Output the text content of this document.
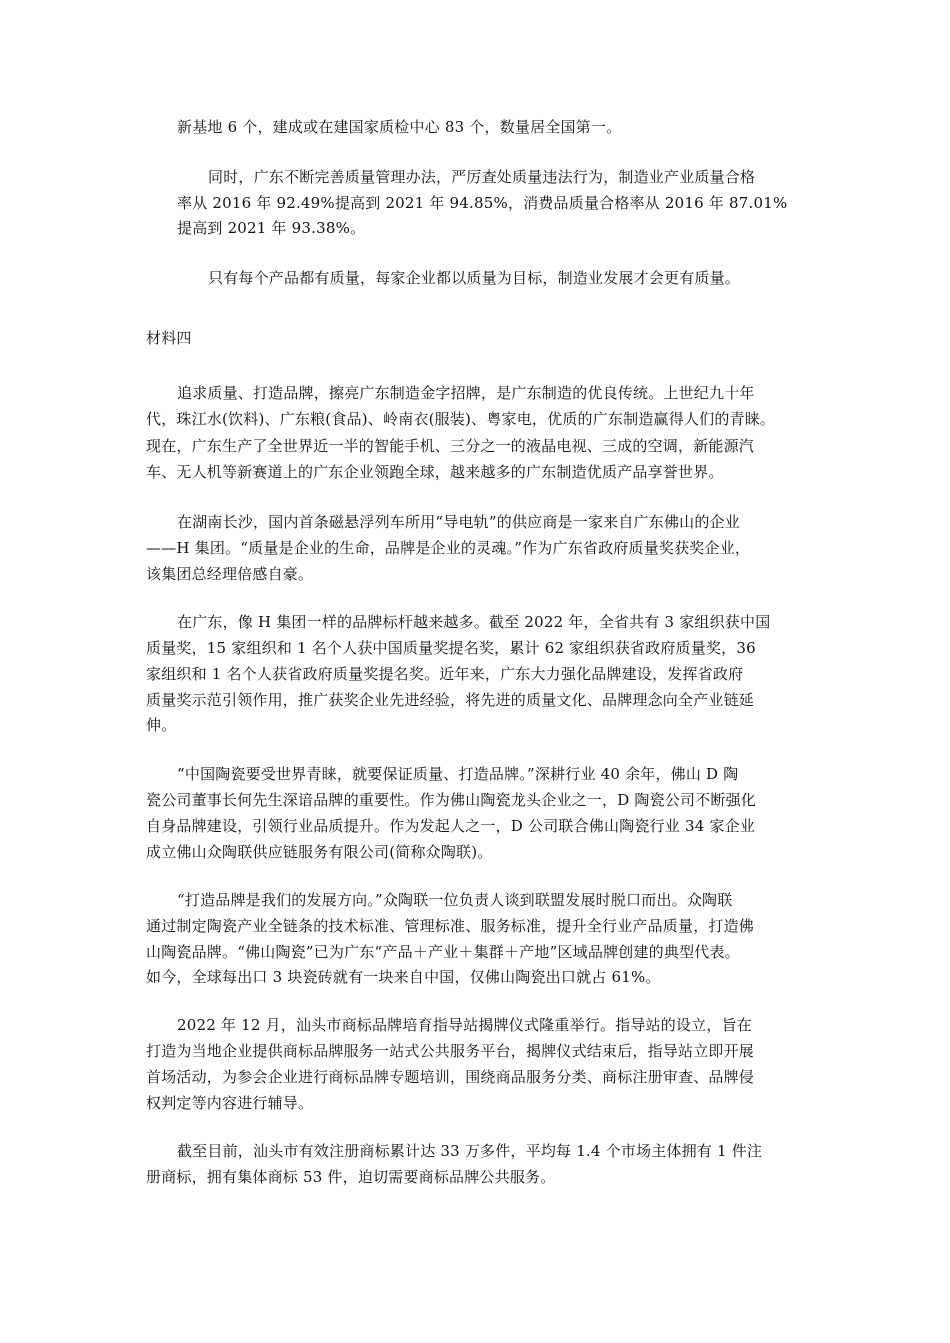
新基地 6 个，建成或在建国家质检中心 83 个，数量居全国第一。
同时，广东不断完善质量管理办法，严厉查处质量违法行为，制造业产业质量合格
率从 2016 年 92.49%提高到 2021 年 94.85%，消费品质量合格率从 2016 年 87.01%
提高到 2021 年 93.38%。
只有每个产品都有质量，每家企业都以质量为目标，制造业发展才会更有质量。
材料四
追求质量、打造品牌，擦亮广东制造金字招牌，是广东制造的优良传统。上世纪九十年
代，珠江水(饮料)、广东粮(食品)、岭南衣(服装)、粤家电，优质的广东制造赢得人们的青睐。
现在，广东生产了全世界近一半的智能手机、三分之一的液晶电视、三成的空调，新能源汽
车、无人机等新赛道上的广东企业领跑全球，越来越多的广东制造优质产品享誉世界。
在湖南长沙，国内首条磁悬浮列车所用“导电轨”的供应商是一家来自广东佛山的企业
——H 集团。“质量是企业的生命，品牌是企业的灵魂。”作为广东省政府质量奖获奖企业，
该集团总经理倍感自豪。
在广东，像 H 集团一样的品牌标杆越来越多。截至 2022 年，全省共有 3 家组织获中国
质量奖，15 家组织和 1 名个人获中国质量奖提名奖，累计 62 家组织获省政府质量奖，36
家组织和 1 名个人获省政府质量奖提名奖。近年来，广东大力强化品牌建设，发挥省政府
质量奖示范引领作用，推广获奖企业先进经验，将先进的质量文化、品牌理念向全产业链延
伸。
“中国陶瓷要受世界青睐，就要保证质量、打造品牌。”深耕行业 40 余年，佛山 D 陶
瓷公司董事长何先生深谙品牌的重要性。作为佛山陶瓷龙头企业之一，D 陶瓷公司不断强化
自身品牌建设，引领行业品质提升。作为发起人之一，D 公司联合佛山陶瓷行业 34 家企业
成立佛山众陶联供应链服务有限公司(简称众陶联)。
“打造品牌是我们的发展方向。”众陶联一位负责人谈到联盟发展时脱口而出。众陶联
通过制定陶瓷产业全链条的技术标准、管理标准、服务标准，提升全行业产品质量，打造佛
山陶瓷品牌。“佛山陶瓷”已为广东“产品＋产业＋集群＋产地”区域品牌创建的典型代表。
如今，全球每出口 3 块瓷砖就有一块来自中国，仅佛山陶瓷出口就占 61%。
2022 年 12 月，汕头市商标品牌培育指导站揭牌仪式隆重举行。指导站的设立，旨在
打造为当地企业提供商标品牌服务一站式公共服务平台，揭牌仪式结束后，指导站立即开展
首场活动，为参会企业进行商标品牌专题培训，围绕商品服务分类、商标注册审查、品牌侵
权判定等内容进行辅导。
截至目前，汕头市有效注册商标累计达 33 万多件，平均每 1.4 个市场主体拥有 1 件注
册商标，拥有集体商标 53 件，迫切需要商标品牌公共服务。
